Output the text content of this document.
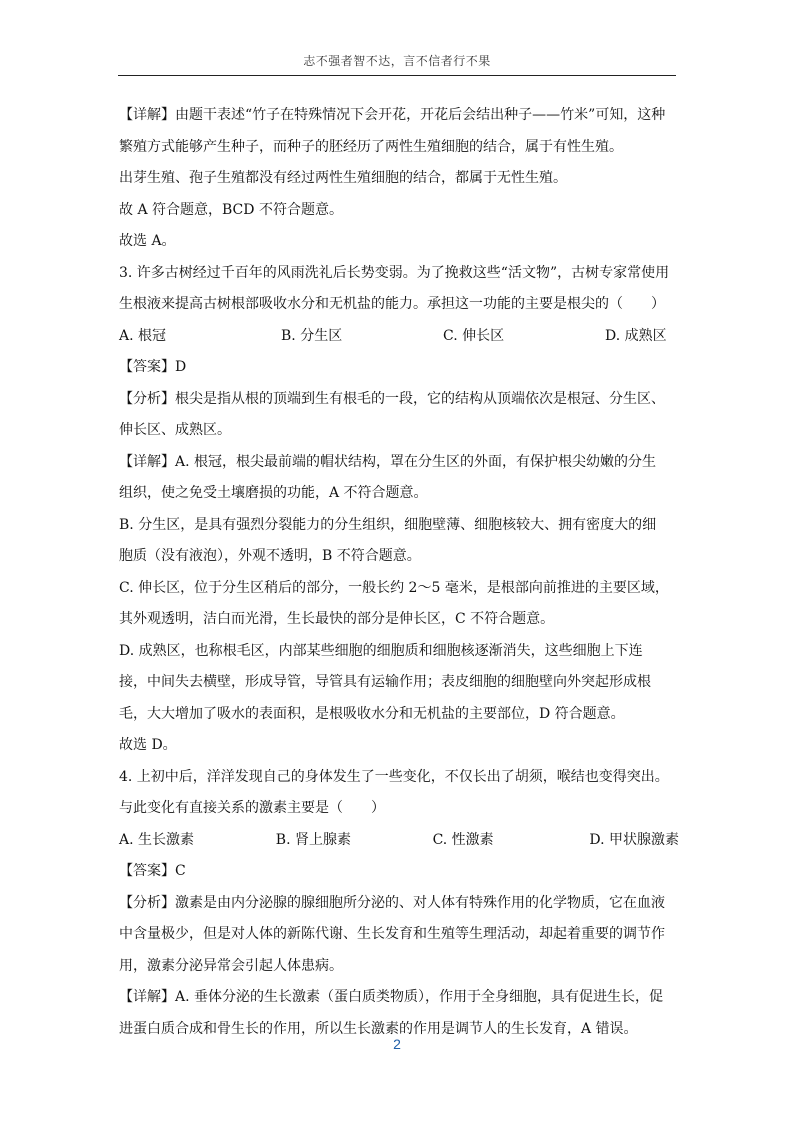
志不强者智不达，言不信者行不果

【详解】由题干表述“竹子在特殊情况下会开花，开花后会结出种子——竹米”可知，这种

繁殖方式能够产生种子，而种子的胚经历了两性生殖细胞的结合，属于有性生殖。

出芽生殖、孢子生殖都没有经过两性生殖细胞的结合，都属于无性生殖。

故 A 符合题意，BCD 不符合题意。

故选 A。

3. 许多古树经过千百年的风雨洗礼后长势变弱。为了挽救这些“活文物”，古树专家常使用

生根液来提高古树根部吸收水分和无机盐的能力。承担这一功能的主要是根尖的（　　）

A. 根冠	B. 分生区	C. 伸长区	D. 成熟区

【答案】D

【分析】根尖是指从根的顶端到生有根毛的一段，它的结构从顶端依次是根冠、分生区、

伸长区、成熟区。

【详解】A. 根冠，根尖最前端的帽状结构，罩在分生区的外面，有保护根尖幼嫩的分生

组织，使之免受土壤磨损的功能，A 不符合题意。

B. 分生区，是具有强烈分裂能力的分生组织，细胞壁薄、细胞核较大、拥有密度大的细

胞质（没有液泡），外观不透明，B 不符合题意。

C. 伸长区，位于分生区稍后的部分，一般长约 2～5 毫米，是根部向前推进的主要区域，

其外观透明，洁白而光滑，生长最快的部分是伸长区，C 不符合题意。

D. 成熟区，也称根毛区，内部某些细胞的细胞质和细胞核逐渐消失，这些细胞上下连

接，中间失去横壁，形成导管，导管具有运输作用；表皮细胞的细胞壁向外突起形成根

毛，大大增加了吸水的表面积，是根吸收水分和无机盐的主要部位，D 符合题意。

故选 D。

4. 上初中后，洋洋发现自己的身体发生了一些变化，不仅长出了胡须，喉结也变得突出。

与此变化有直接关系的激素主要是（　　）

A. 生长激素	B. 肾上腺素	C. 性激素	D. 甲状腺激素

【答案】C

【分析】激素是由内分泌腺的腺细胞所分泌的、对人体有特殊作用的化学物质，它在血液

中含量极少，但是对人体的新陈代谢、生长发育和生殖等生理活动，却起着重要的调节作

用，激素分泌异常会引起人体患病。

【详解】A. 垂体分泌的生长激素（蛋白质类物质），作用于全身细胞，具有促进生长，促

进蛋白质合成和骨生长的作用，所以生长激素的作用是调节人的生长发育，A 错误。

2
